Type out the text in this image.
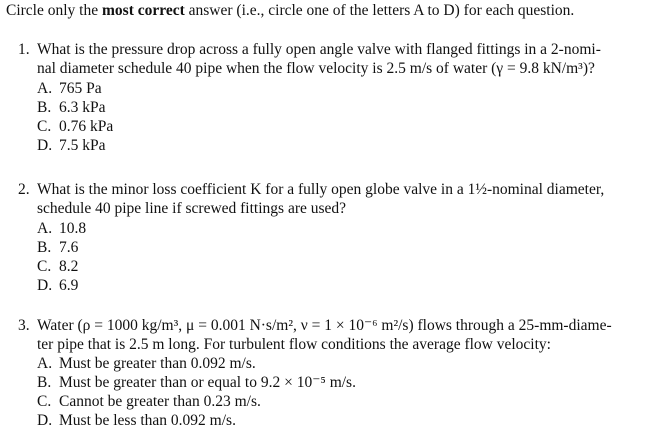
Circle only the most correct answer (i.e., circle one of the letters A to D) for each question.
1. What is the pressure drop across a fully open angle valve with flanged fittings in a 2-nomi-
nal diameter schedule 40 pipe when the flow velocity is 2.5 m/s of water (γ = 9.8 kN/m³)?
A. 765 Pa
B. 6.3 kPa
C. 0.76 kPa
D. 7.5 kPa
2. What is the minor loss coefficient K for a fully open globe valve in a 1½-nominal diameter,
schedule 40 pipe line if screwed fittings are used?
A. 10.8
B. 7.6
C. 8.2
D. 6.9
3. Water (ρ = 1000 kg/m³, μ = 0.001 N·s/m², ν = 1 × 10⁻⁶ m²/s) flows through a 25-mm-diame-
ter pipe that is 2.5 m long. For turbulent flow conditions the average flow velocity:
A. Must be greater than 0.092 m/s.
B. Must be greater than or equal to 9.2 × 10⁻⁵ m/s.
C. Cannot be greater than 0.23 m/s.
D. Must be less than 0.092 m/s.
